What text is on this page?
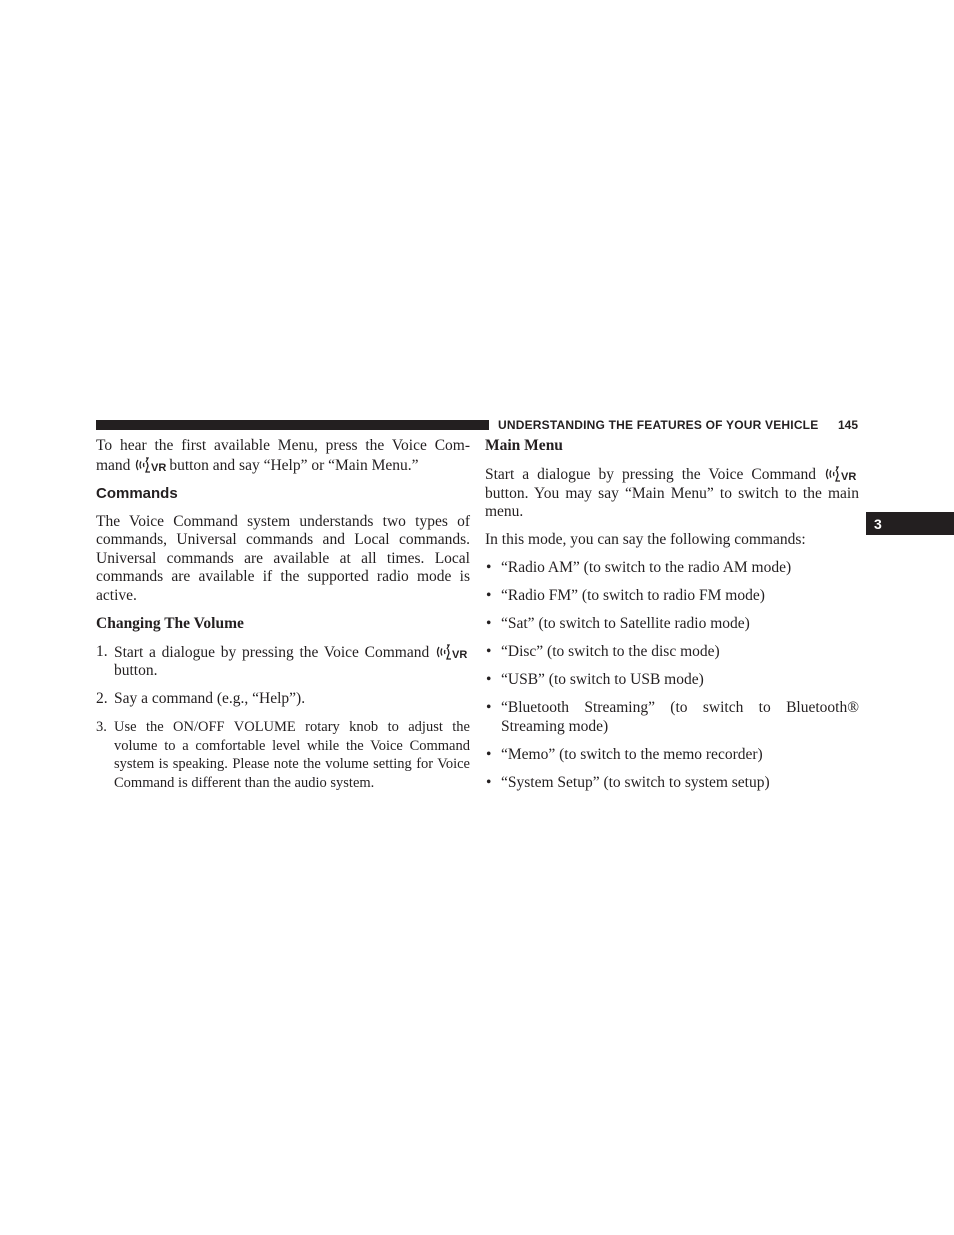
UNDERSTANDING THE FEATURES OF YOUR VEHICLE 145
3

To hear the first available Menu, press the Voice Com- mand VR button and say “Help” or “Main Menu.”

Commands

The Voice Command system understands two types of commands, Universal commands and Local commands. Universal commands are available at all times. Local commands are available if the supported radio mode is active.

Changing The Volume
1. Start a dialogue by pressing the Voice Command VR
button.
2. Say a command (e.g., “Help”).
3. Use the ON/OFF VOLUME rotary knob to adjust the volume to a comfortable level while the Voice Command system is speaking. Please note the volume setting for Voice Command is different than the audio system.
Main Menu

Start a dialogue by pressing the Voice Command VR
button. You may say “Main Menu” to switch to the main menu.

In this mode, you can say the following commands:

• “Radio AM” (to switch to the radio AM mode)
• “Radio FM” (to switch to radio FM mode)
• “Sat” (to switch to Satellite radio mode)
• “Disc” (to switch to the disc mode)
• “USB” (to switch to USB mode)
• “Bluetooth Streaming” (to switch to Bluetooth® Streaming mode)
• “Memo” (to switch to the memo recorder)
• “System Setup” (to switch to system setup)
